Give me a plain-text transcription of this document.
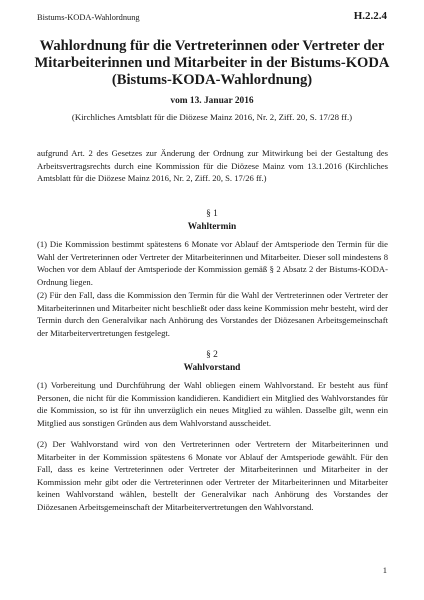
Bistums-KODA-Wahlordnung	H.2.2.4
Wahlordnung für die Vertreterinnen oder Vertreter der
Mitarbeiterinnen und Mitarbeiter in der Bistums-KODA
(Bistums-KODA-Wahlordnung)
vom 13. Januar 2016
(Kirchliches Amtsblatt für die Diözese Mainz 2016, Nr. 2, Ziff. 20, S. 17/28 ff.)

aufgrund Art. 2 des Gesetzes zur Änderung der Ordnung zur Mitwirkung bei der Gestaltung des Arbeitsvertragsrechts durch eine Kommission für die Diözese Mainz vom 13.1.2016 (Kirchliches Amtsblatt für die Diözese Mainz 2016, Nr. 2, Ziff. 20, S. 17/26 ff.)

§ 1
Wahltermin

(1) Die Kommission bestimmt spätestens 6 Monate vor Ablauf der Amtsperiode den Termin für die Wahl der Vertreterinnen oder Vertreter der Mitarbeiterinnen und Mitarbeiter. Dieser soll mindestens 8 Wochen vor dem Ablauf der Amtsperiode der Kommission gemäß § 2 Absatz 2 der Bistums-KODA-Ordnung liegen.

(2) Für den Fall, dass die Kommission den Termin für die Wahl der Vertreterinnen oder Vertreter der Mitarbeiterinnen und Mitarbeiter nicht beschließt oder dass keine Kommission mehr besteht, wird der Termin durch den Generalvikar nach Anhörung des Vorstandes der Diözesanen Arbeitsgemeinschaft der Mitarbeitervertretungen festgelegt.

§ 2
Wahlvorstand

(1) Vorbereitung und Durchführung der Wahl obliegen einem Wahlvorstand. Er besteht aus fünf Personen, die nicht für die Kommission kandidieren. Kandidiert ein Mitglied des Wahlvorstandes für die Kommission, so ist für ihn unverzüglich ein neues Mitglied zu wählen. Dasselbe gilt, wenn ein Mitglied aus sonstigen Gründen aus dem Wahlvorstand ausscheidet.

(2) Der Wahlvorstand wird von den Vertreterinnen oder Vertretern der Mitarbeiterinnen und Mitarbeiter in der Kommission spätestens 6 Monate vor Ablauf der Amtsperiode gewählt. Für den Fall, dass es keine Vertreterinnen oder Vertreter der Mitarbeiterinnen und Mitarbeiter in der Kommission mehr gibt oder die Vertreterinnen oder Vertreter der Mitarbeiterinnen und Mitarbeiter keinen Wahlvorstand wählen, bestellt der Generalvikar nach Anhörung des Vorstandes der Diözesanen Arbeitsgemeinschaft der Mitarbeitervertretungen den Wahlvorstand.

1
